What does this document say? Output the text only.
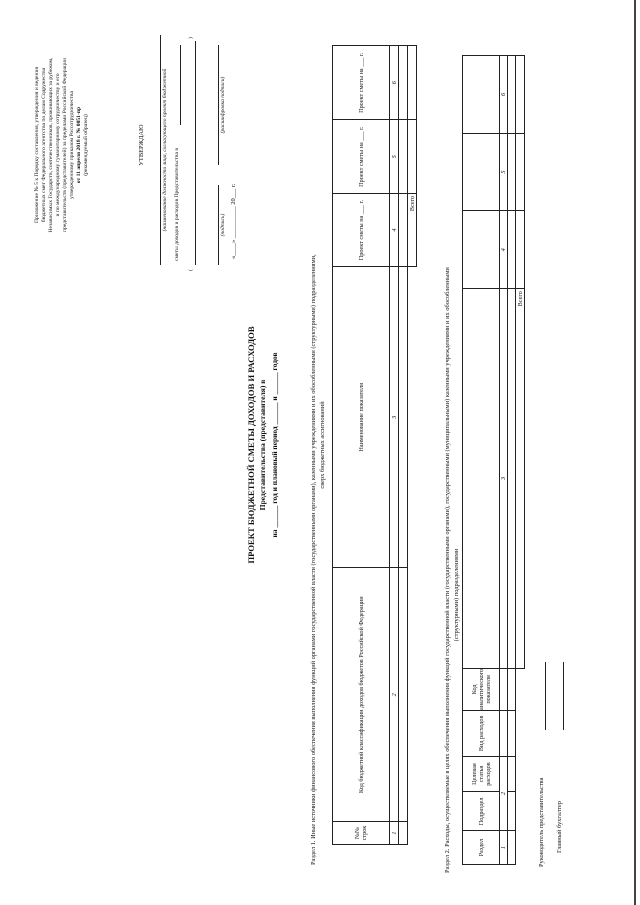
Приложение № 5 к Порядку составления, утверждения и ведения бюджетных смет Федерального агентства по делам Содружества Независимых Государств, соотечественников, проживающих за рубежом, и по международному гуманитарному сотрудничеству и его представительств (представителей) за пределами Российской Федерации утвержденному приказом Россотрудничества от 11 апреля 2018 г. № 0051-пр (рекомендуемый образец)	УТВЕРЖДАЮ	(наименование должности лица, согласующего проект бюджетной сметы доходов и расходов Представительства в
(
)
(подпись)
(расшифровка подписи)
«____» __________ 20___ г.
ПРОЕКТ БЮДЖЕТНОЙ СМЕТЫ ДОХОДОВ И РАСХОДОВ Представительства (представителя) в на ______ год и плановый период ______ и ______ годов	Раздел 1. Иные источники финансового обеспечения выполнения функций органами государственной власти (государственными органами), казенными учреждениями и их обособленными (структурными) подразделениями, сверх бюджетных ассигнований
№№ строк	Код бюджетной классификации доходов бюджетов Российской Федерации	Наименование показателя	Проект сметы на ___ г.	Проект сметы на ___ г.	Проект сметы на ___ г.
1	2	3	4	5	6

			Всего		
Раздел 2. Расходы, осуществляемые в целях обеспечения выполнения функций государственной власти (государственными органами), государственными (муниципальными) казенными учреждениями и их обособленными (структурными) подразделениями
Раздел	Подраздел	Целевая статья расходов	Вид расходов	Код аналитического показателя				
1	2				3	4	5	6

					Всего			
Руководитель представительства Главный бухгалтер
